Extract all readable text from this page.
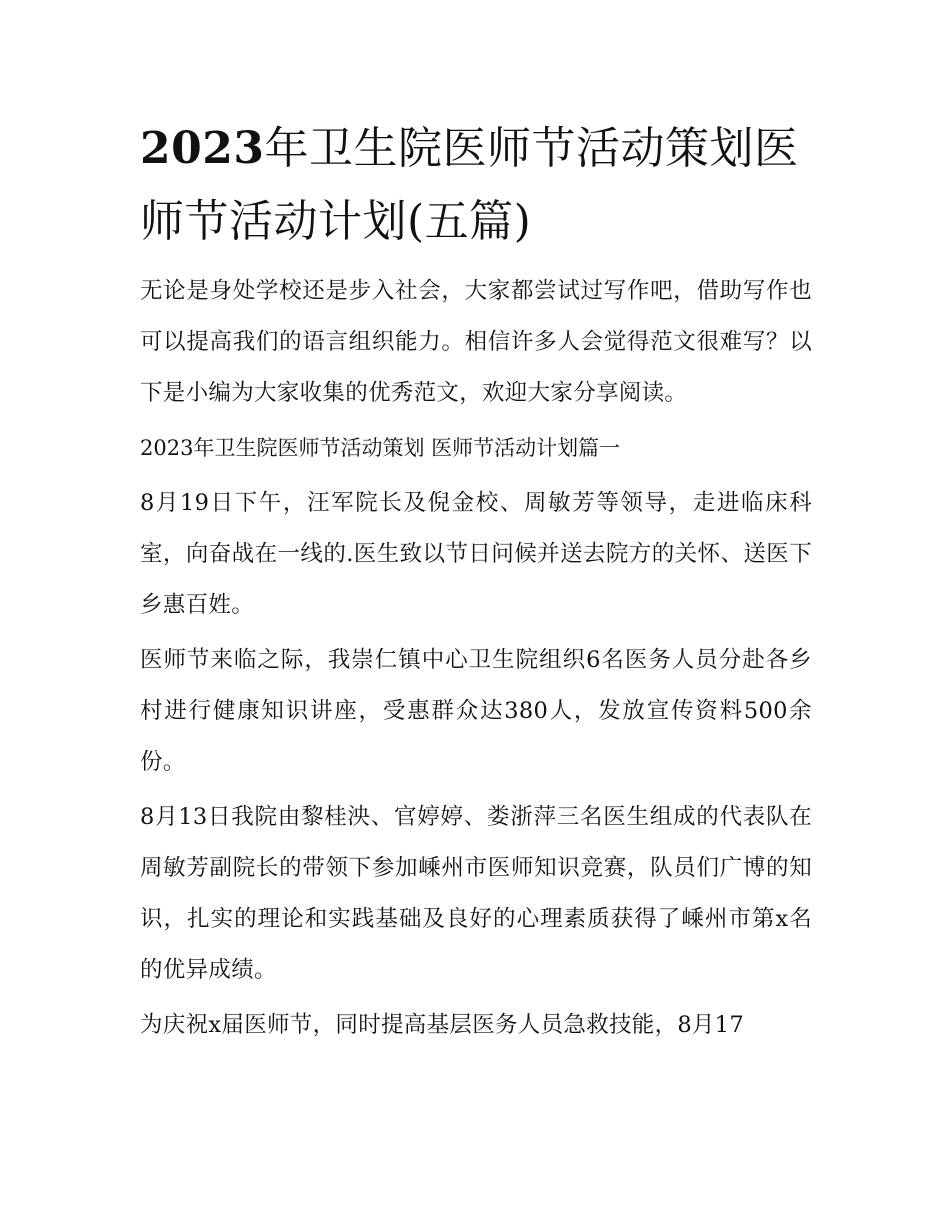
2023年卫生院医师节活动策划医师节活动计划(五篇)

无论是身处学校还是步入社会，大家都尝试过写作吧，借助写作也可以提高我们的语言组织能力。相信许多人会觉得范文很难写？以下是小编为大家收集的优秀范文，欢迎大家分享阅读。

2023年卫生院医师节活动策划 医师节活动计划篇一

8月19日下午，汪军院长及倪金校、周敏芳等领导，走进临床科室，向奋战在一线的.医生致以节日问候并送去院方的关怀、送医下乡惠百姓。

医师节来临之际，我崇仁镇中心卫生院组织6名医务人员分赴各乡村进行健康知识讲座，受惠群众达380人，发放宣传资料500余份。

8月13日我院由黎桂泱、官婷婷、娄浙萍三名医生组成的代表队在周敏芳副院长的带领下参加嵊州市医师知识竞赛，队员们广博的知识，扎实的理论和实践基础及良好的心理素质获得了嵊州市第x名的优异成绩。

为庆祝x届医师节，同时提高基层医务人员急救技能，8月17
